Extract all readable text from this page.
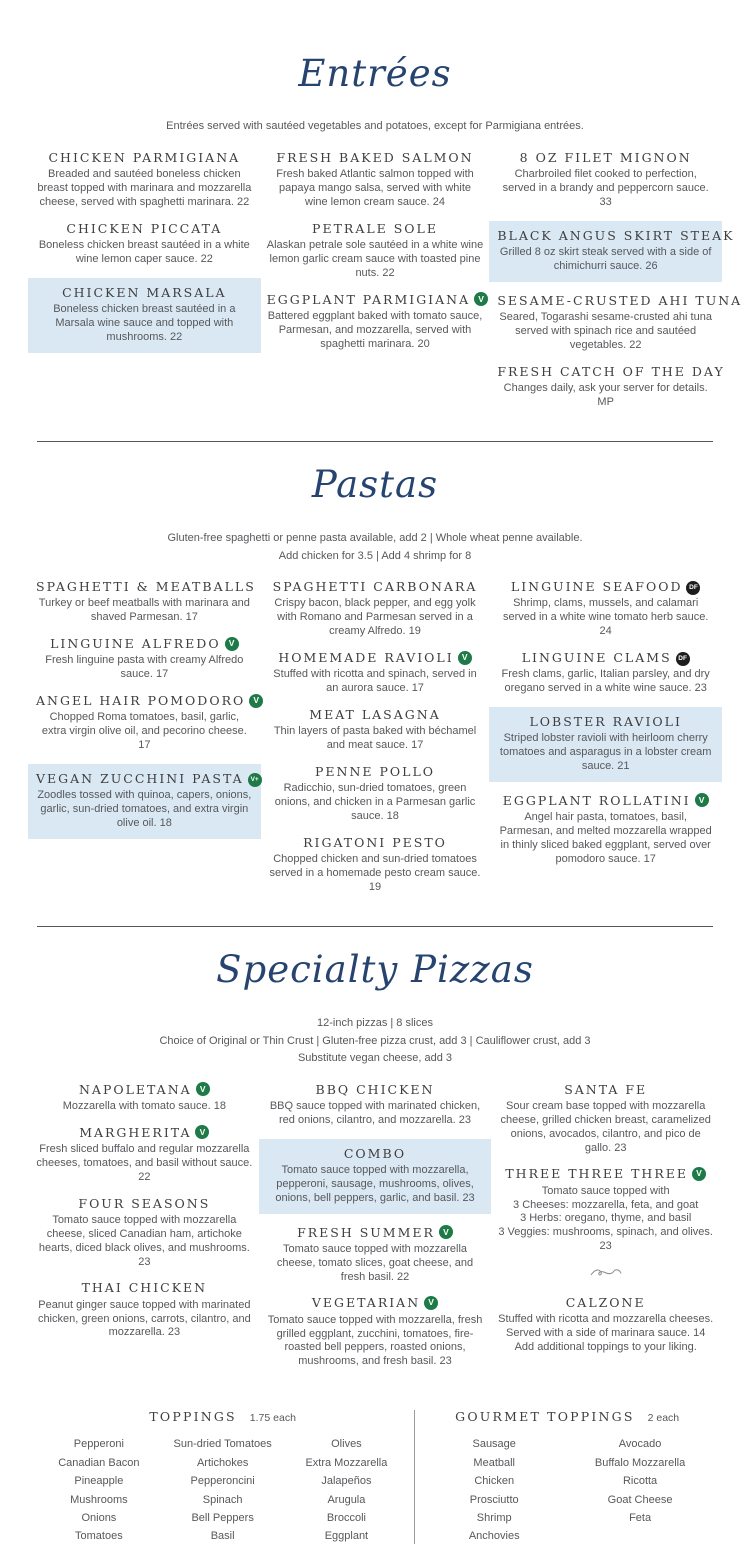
Entrées
Entrées served with sautéed vegetables and potatoes, except for Parmigiana entrées.
CHICKEN PARMIGIANA
Breaded and sautéed boneless chicken breast topped with marinara and mozzarella cheese, served with spaghetti marinara. 22
CHICKEN PICCATA
Boneless chicken breast sautéed in a white wine lemon caper sauce. 22
CHICKEN MARSALA
Boneless chicken breast sautéed in a Marsala wine sauce and topped with mushrooms. 22
FRESH BAKED SALMON
Fresh baked Atlantic salmon topped with papaya mango salsa, served with white wine lemon cream sauce. 24
PETRALE SOLE
Alaskan petrale sole sautéed in a white wine lemon garlic cream sauce with toasted pine nuts. 22
EGGPLANT PARMIGIANA V
Battered eggplant baked with tomato sauce, Parmesan, and mozzarella, served with spaghetti marinara. 20
8 OZ FILET MIGNON
Charbroiled filet cooked to perfection, served in a brandy and peppercorn sauce. 33
BLACK ANGUS SKIRT STEAK
Grilled 8 oz skirt steak served with a side of chimichurri sauce. 26
SESAME-CRUSTED AHI TUNA
Seared, Togarashi sesame-crusted ahi tuna served with spinach rice and sautéed vegetables. 22
FRESH CATCH OF THE DAY
Changes daily, ask your server for details. MP
Pastas
Gluten-free spaghetti or penne pasta available, add 2 | Whole wheat penne available.
Add chicken for 3.5 | Add 4 shrimp for 8
SPAGHETTI & MEATBALLS
Turkey or beef meatballs with marinara and shaved Parmesan. 17
LINGUINE ALFREDO V
Fresh linguine pasta with creamy Alfredo sauce. 17
ANGEL HAIR POMODORO V
Chopped Roma tomatoes, basil, garlic, extra virgin olive oil, and pecorino cheese. 17
VEGAN ZUCCHINI PASTA V+
Zoodles tossed with quinoa, capers, onions, garlic, sun-dried tomatoes, and extra virgin olive oil. 18
SPAGHETTI CARBONARA
Crispy bacon, black pepper, and egg yolk with Romano and Parmesan served in a creamy Alfredo. 19
HOMEMADE RAVIOLI V
Stuffed with ricotta and spinach, served in an aurora sauce. 17
MEAT LASAGNA
Thin layers of pasta baked with béchamel and meat sauce. 17
PENNE POLLO
Radicchio, sun-dried tomatoes, green onions, and chicken in a Parmesan garlic sauce. 18
RIGATONI PESTO
Chopped chicken and sun-dried tomatoes served in a homemade pesto cream sauce. 19
LINGUINE SEAFOOD DF
Shrimp, clams, mussels, and calamari served in a white wine tomato herb sauce. 24
LINGUINE CLAMS DF
Fresh clams, garlic, Italian parsley, and dry oregano served in a white wine sauce. 23
LOBSTER RAVIOLI
Striped lobster ravioli with heirloom cherry tomatoes and asparagus in a lobster cream sauce. 21
EGGPLANT ROLLATINI V
Angel hair pasta, tomatoes, basil, Parmesan, and melted mozzarella wrapped in thinly sliced baked eggplant, served over pomodoro sauce. 17
Specialty Pizzas
12-inch pizzas | 8 slices
Choice of Original or Thin Crust | Gluten-free pizza crust, add 3 | Cauliflower crust, add 3
Substitute vegan cheese, add 3
NAPOLETANA V
Mozzarella with tomato sauce. 18
MARGHERITA V
Fresh sliced buffalo and regular mozzarella cheeses, tomatoes, and basil without sauce. 22
FOUR SEASONS
Tomato sauce topped with mozzarella cheese, sliced Canadian ham, artichoke hearts, diced black olives, and mushrooms. 23
THAI CHICKEN
Peanut ginger sauce topped with marinated chicken, green onions, carrots, cilantro, and mozzarella. 23
BBQ CHICKEN
BBQ sauce topped with marinated chicken, red onions, cilantro, and mozzarella. 23
COMBO
Tomato sauce topped with mozzarella, pepperoni, sausage, mushrooms, olives, onions, bell peppers, garlic, and basil. 23
FRESH SUMMER V
Tomato sauce topped with mozzarella cheese, tomato slices, goat cheese, and fresh basil. 22
VEGETARIAN V
Tomato sauce topped with mozzarella, fresh grilled eggplant, zucchini, tomatoes, fire-roasted bell peppers, roasted onions, mushrooms, and fresh basil. 23
SANTA FE
Sour cream base topped with mozzarella cheese, grilled chicken breast, caramelized onions, avocados, cilantro, and pico de gallo. 23
THREE THREE THREE V
Tomato sauce topped with
3 Cheeses: mozzarella, feta, and goat
3 Herbs: oregano, thyme, and basil
3 Veggies: mushrooms, spinach, and olives. 23
CALZONE
Stuffed with ricotta and mozzarella cheeses.
Served with a side of marinara sauce. 14
Add additional toppings to your liking.
TOPPINGS 1.75 each
Pepperoni
Canadian Bacon
Pineapple
Mushrooms
Onions
Tomatoes
Sun-dried Tomatoes
Artichokes
Pepperoncini
Spinach
Bell Peppers
Basil
Olives
Extra Mozzarella
Jalapeños
Arugula
Broccoli
Eggplant
GOURMET TOPPINGS 2 each
Sausage
Meatball
Chicken
Prosciutto
Shrimp
Anchovies
Avocado
Buffalo Mozzarella
Ricotta
Goat Cheese
Feta
